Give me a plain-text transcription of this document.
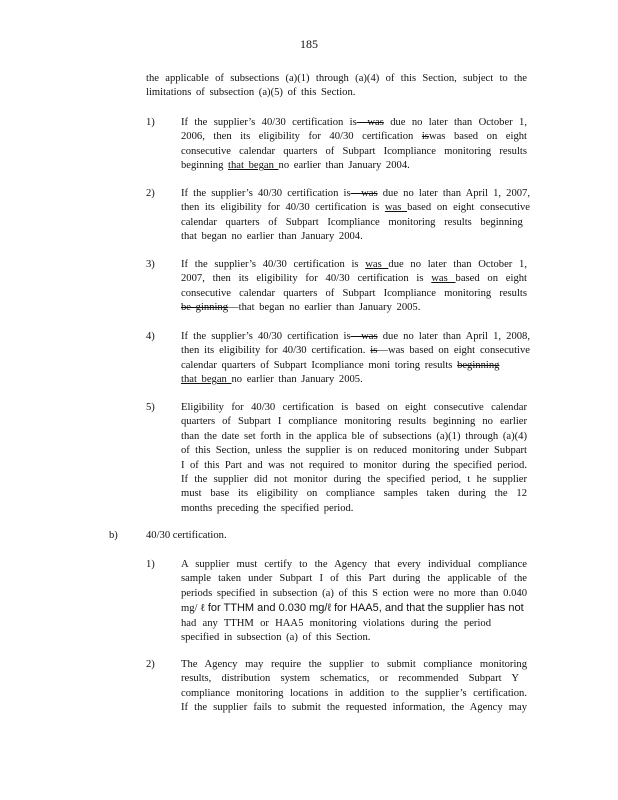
185
the applicable of subsections (a)(1) through (a)(4) of this Section, subject to the
limitations of subsection (a)(5) of this Section.
1) If the supplier’s 40/30 certification is—was due no later than October 1,
2006, then its eligibility for 40/30 certification iswas based on eight
consecutive calendar quarters of Subpart Icompliance monitoring results
beginning that began no earlier than January 2004.
2) If the supplier’s 40/30 certification is—was due no later than April 1, 2007,
then its eligibility for 40/30 certification is was based on eight consecutive
calendar quarters of Subpart Icompliance monitoring results beginning
that began no earlier than January 2004.
3) If the supplier’s 40/30 certification is was due no later than October 1,
2007, then its eligibility for 40/30 certification is was based on eight
consecutive calendar quarters of Subpart Icompliance monitoring results
be ginning—that began no earlier than January 2005.
4) If the supplier’s 40/30 certification is—was due no later than April 1, 2008,
then its eligibility for 40/30 certification. is—was based on eight consecutive
calendar quarters of Subpart Icompliance moni toring results beginning
that began no earlier than January 2005.
5) Eligibility for 40/30 certification is based on eight consecutive calendar
quarters of Subpart I compliance monitoring results beginning no earlier
than the date set forth in the applica ble of subsections (a)(1) through (a)(4)
of this Section, unless the supplier is on reduced monitoring under Subpart
I of this Part and was not required to monitor during the specified period.
If the supplier did not monitor during the specified period, t he supplier
must base its eligibility on compliance samples taken during the 12
months preceding the specified period.
b)	40/30 certification.
1) A supplier must certify to the Agency that every individual compliance
sample taken under Subpart I of this Part during the applicable of the
periods specified in subsection (a) of this S ection were no more than 0.040
mg/ ℓ for TTHM and 0.030 mg/ℓ for HAA5, and that the supplier has not
had any TTHM or HAA5 monitoring violations during the period
specified in subsection (a) of this Section.
2) The Agency may require the supplier to submit compliance monitoring
results, distribution system schematics, or recommended Subpart Y
compliance monitoring locations in addition to the supplier’s certification.
If the supplier fails to submit the requested information, the Agency may
